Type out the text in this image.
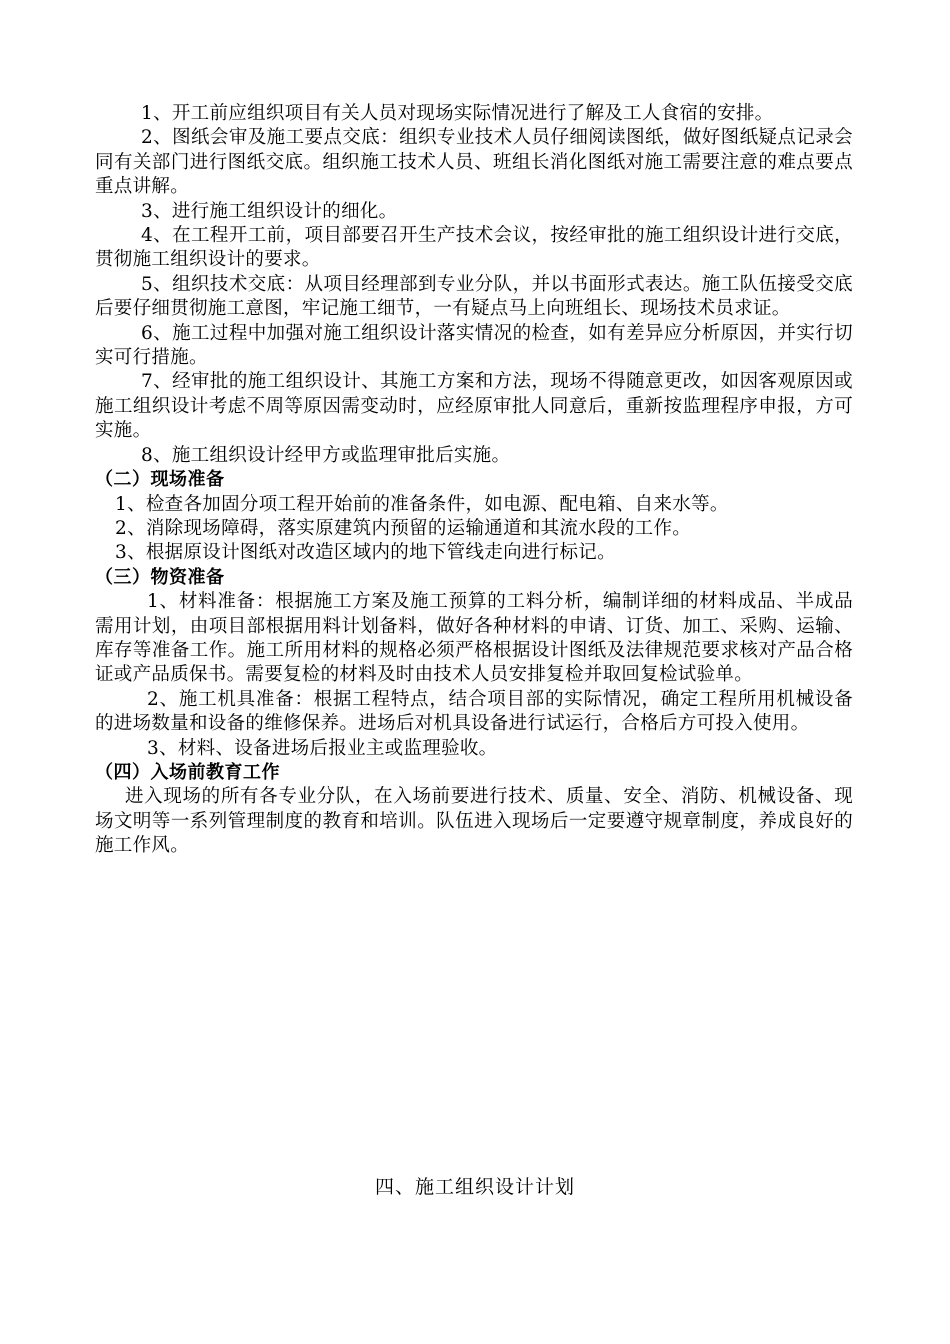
1、开工前应组织项目有关人员对现场实际情况进行了解及工人食宿的安排。

2、图纸会审及施工要点交底：组织专业技术人员仔细阅读图纸，做好图纸疑点记录会同有关部门进行图纸交底。组织施工技术人员、班组长消化图纸对施工需要注意的难点要点重点讲解。

3、进行施工组织设计的细化。

4、在工程开工前，项目部要召开生产技术会议，按经审批的施工组织设计进行交底，贯彻施工组织设计的要求。

5、组织技术交底：从项目经理部到专业分队，并以书面形式表达。施工队伍接受交底后要仔细贯彻施工意图，牢记施工细节，一有疑点马上向班组长、现场技术员求证。

6、施工过程中加强对施工组织设计落实情况的检查，如有差异应分析原因，并实行切实可行措施。

7、经审批的施工组织设计、其施工方案和方法，现场不得随意更改，如因客观原因或施工组织设计考虑不周等原因需变动时，应经原审批人同意后，重新按监理程序申报，方可实施。

8、施工组织设计经甲方或监理审批后实施。

（二）现场准备

1、检查各加固分项工程开始前的准备条件，如电源、配电箱、自来水等。

2、消除现场障碍，落实原建筑内预留的运输通道和其流水段的工作。

3、根据原设计图纸对改造区域内的地下管线走向进行标记。

（三）物资准备

1、材料准备：根据施工方案及施工预算的工料分析，编制详细的材料成品、半成品需用计划，由项目部根据用料计划备料，做好各种材料的申请、订货、加工、采购、运输、库存等准备工作。施工所用材料的规格必须严格根据设计图纸及法律规范要求核对产品合格证或产品质保书。需要复检的材料及时由技术人员安排复检并取回复检试验单。

2、施工机具准备：根据工程特点，结合项目部的实际情况，确定工程所用机械设备的进场数量和设备的维修保养。进场后对机具设备进行试运行，合格后方可投入使用。

3、材料、设备进场后报业主或监理验收。

（四）入场前教育工作

进入现场的所有各专业分队，在入场前要进行技术、质量、安全、消防、机械设备、现场文明等一系列管理制度的教育和培训。队伍进入现场后一定要遵守规章制度，养成良好的施工作风。

四、施工组织设计计划
